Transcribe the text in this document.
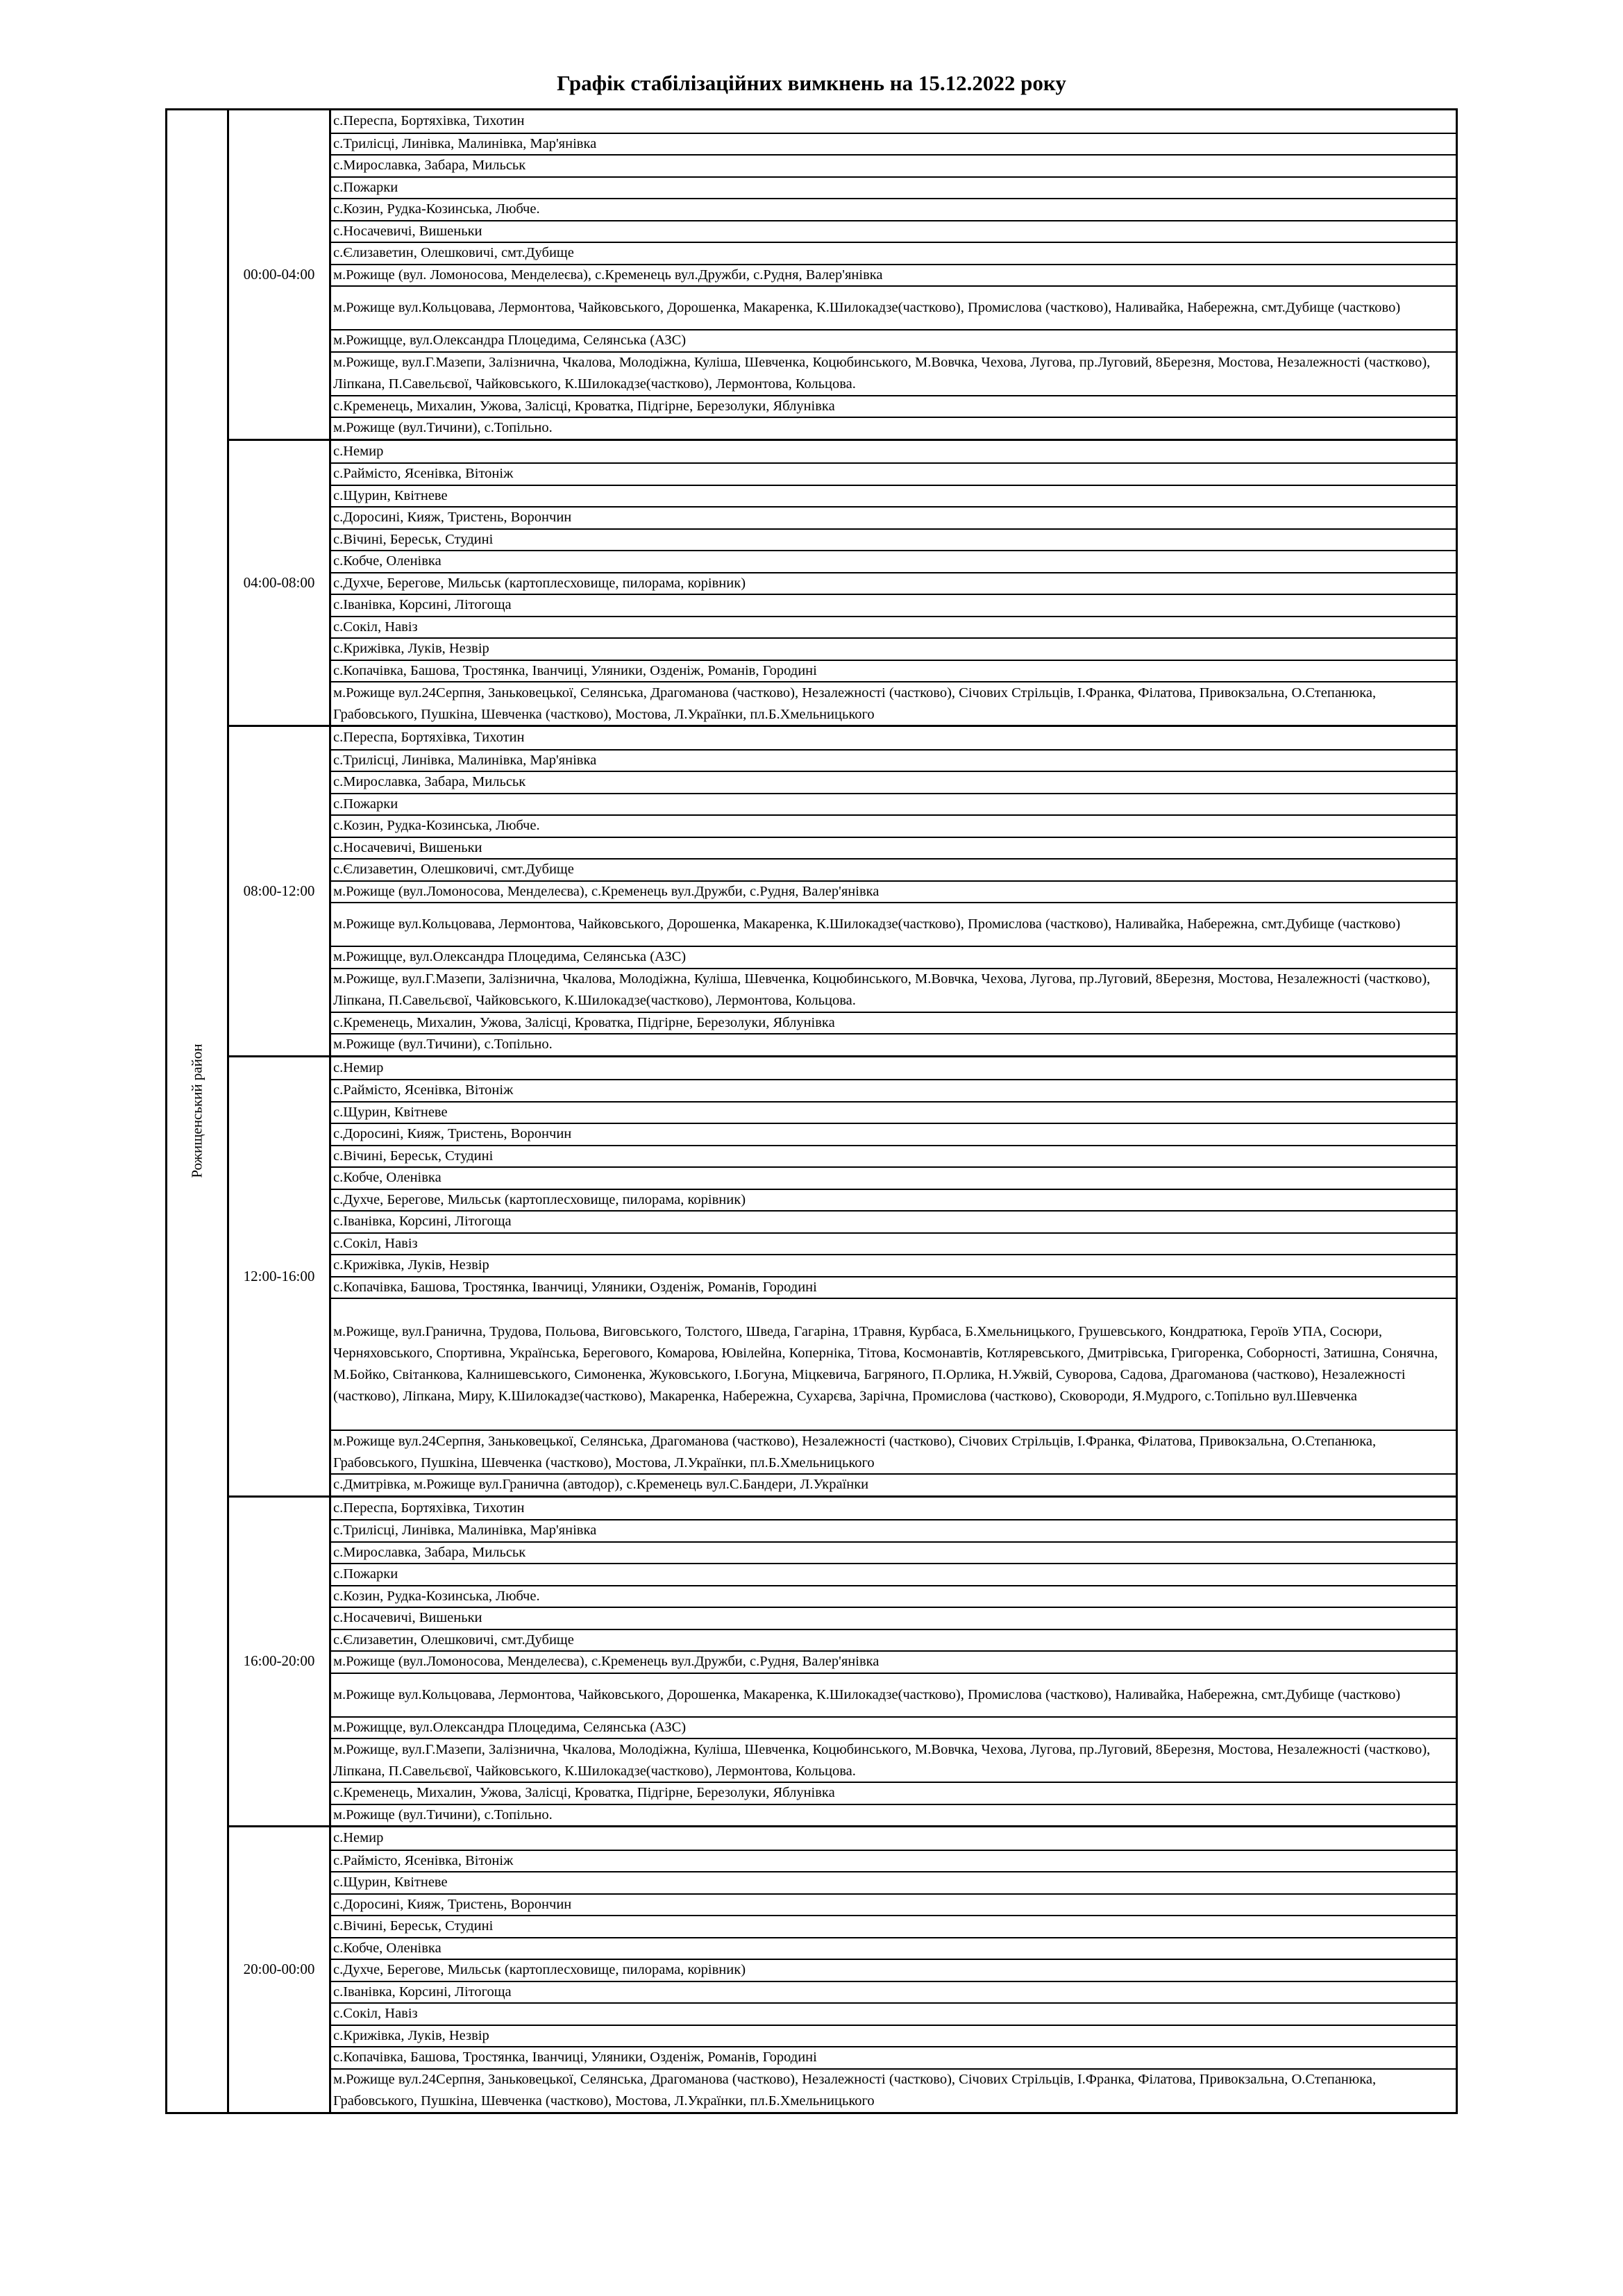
Графік стабілізаційних вимкнень на 15.12.2022 року
Рожищенський район
00:00-04:00
с.Переспа, Бортяхівка, Тихотин
с.Трилісці, Линівка, Малинівка, Мар'янівка
с.Мирославка, Забара, Мильськ
с.Пожарки
с.Козин, Рудка-Козинська, Любче.
с.Носачевичі, Вишеньки
с.Єлизаветин, Олешковичі, смт.Дубище
м.Рожище (вул. Ломоносова, Менделеєва), с.Кременець вул.Дружби, с.Рудня, Валер'янівка
м.Рожище вул.Кольцовава, Лермонтова, Чайковського, Дорошенка, Макаренка, К.Шилокадзе(частково), Промислова (частково), Наливайка, Набережна, смт.Дубище (частково)
м.Рожищце, вул.Олександра Плоцедима, Селянська (АЗС)
м.Рожище, вул.Г.Мазепи, Залізнична, Чкалова, Молодіжна, Куліша, Шевченка, Коцюбинського, М.Вовчка, Чехова, Лугова, пр.Луговий, 8Березня, Мостова, Незалежності (частково), Ліпкана, П.Савельєвої, Чайковського, К.Шилокадзе(частково), Лермонтова, Кольцова.
с.Кременець, Михалин, Ужова, Залісці, Кроватка, Підгірне, Березолуки, Яблунівка
м.Рожище (вул.Тичини), с.Топільно.
04:00-08:00
с.Немир
с.Раймісто, Ясенівка, Вітоніж
с.Щурин, Квітневе
с.Доросині, Кияж, Тристень, Ворончин
с.Вічині, Береськ, Студині
с.Кобче, Оленівка
с.Духче, Берегове, Мильськ (картоплесховище, пилорама, корівник)
с.Іванівка, Корсині, Літогоща
с.Сокіл, Навіз
с.Крижівка, Луків, Незвір
с.Копачівка, Башова, Тростянка, Іванчиці, Уляники, Озденіж, Романів, Городині
м.Рожище вул.24Серпня, Заньковецької, Селянська, Драгоманова (частково), Незалежності (частково), Січових Стрільців, І.Франка, Філатова, Привокзальна, О.Степанюка, Грабовського, Пушкіна, Шевченка (частково), Мостова, Л.Українки, пл.Б.Хмельницького
08:00-12:00
с.Переспа, Бортяхівка, Тихотин
с.Трилісці, Линівка, Малинівка, Мар'янівка
с.Мирославка, Забара, Мильськ
с.Пожарки
с.Козин, Рудка-Козинська, Любче.
с.Носачевичі, Вишеньки
с.Єлизаветин, Олешковичі, смт.Дубище
м.Рожище (вул.Ломоносова, Менделеєва), с.Кременець вул.Дружби, с.Рудня, Валер'янівка
м.Рожище вул.Кольцовава, Лермонтова, Чайковського, Дорошенка, Макаренка, К.Шилокадзе(частково), Промислова (частково), Наливайка, Набережна, смт.Дубище (частково)
м.Рожищце, вул.Олександра Плоцедима, Селянська (АЗС)
м.Рожище, вул.Г.Мазепи, Залізнична, Чкалова, Молодіжна, Куліша, Шевченка, Коцюбинського, М.Вовчка, Чехова, Лугова, пр.Луговий, 8Березня, Мостова, Незалежності (частково), Ліпкана, П.Савельєвої, Чайковського, К.Шилокадзе(частково), Лермонтова, Кольцова.
с.Кременець, Михалин, Ужова, Залісці, Кроватка, Підгірне, Березолуки, Яблунівка
м.Рожище (вул.Тичини), с.Топільно.
12:00-16:00
с.Немир
с.Раймісто, Ясенівка, Вітоніж
с.Щурин, Квітневе
с.Доросині, Кияж, Тристень, Ворончин
с.Вічині, Береськ, Студині
с.Кобче, Оленівка
с.Духче, Берегове, Мильськ (картоплесховище, пилорама, корівник)
с.Іванівка, Корсині, Літогоща
с.Сокіл, Навіз
с.Крижівка, Луків, Незвір
с.Копачівка, Башова, Тростянка, Іванчиці, Уляники, Озденіж, Романів, Городині
м.Рожище, вул.Гранична, Трудова, Польова, Виговського, Толстого, Шведа, Гагаріна, 1Травня, Курбаса, Б.Хмельницького, Грушевського, Кондратюка, Героїв УПА, Сосюри, Черняховського, Спортивна, Українська, Берегового, Комарова, Ювілейна, Коперніка, Тітова, Космонавтів, Котляревського, Дмитрівська, Григоренка, Соборності, Затишна, Сонячна, М.Бойко, Світанкова, Калнишевського, Симоненка, Жуковського, І.Богуна, Міцкевича, Багряного, П.Орлика, Н.Ужвій, Суворова, Садова, Драгоманова (частково), Незалежності (частково), Ліпкана, Миру, К.Шилокадзе(частково), Макаренка, Набережна, Сухарєва, Зарічна, Промислова (частково), Сковороди, Я.Мудрого, с.Топільно вул.Шевченка
м.Рожище вул.24Серпня, Заньковецької, Селянська, Драгоманова (частково), Незалежності (частково), Січових Стрільців, І.Франка, Філатова, Привокзальна, О.Степанюка, Грабовського, Пушкіна, Шевченка (частково), Мостова, Л.Українки, пл.Б.Хмельницького
с.Дмитрівка, м.Рожище вул.Гранична (автодор), с.Кременець вул.С.Бандери, Л.Українки
16:00-20:00
с.Переспа, Бортяхівка, Тихотин
с.Трилісці, Линівка, Малинівка, Мар'янівка
с.Мирославка, Забара, Мильськ
с.Пожарки
с.Козин, Рудка-Козинська, Любче.
с.Носачевичі, Вишеньки
с.Єлизаветин, Олешковичі, смт.Дубище
м.Рожище (вул.Ломоносова, Менделеєва), с.Кременець вул.Дружби, с.Рудня, Валер'янівка
м.Рожище вул.Кольцовава, Лермонтова, Чайковського, Дорошенка, Макаренка, К.Шилокадзе(частково), Промислова (частково), Наливайка, Набережна, смт.Дубище (частково)
м.Рожищце, вул.Олександра Плоцедима, Селянська (АЗС)
м.Рожище, вул.Г.Мазепи, Залізнична, Чкалова, Молодіжна, Куліша, Шевченка, Коцюбинського, М.Вовчка, Чехова, Лугова, пр.Луговий, 8Березня, Мостова, Незалежності (частково), Ліпкана, П.Савельєвої, Чайковського, К.Шилокадзе(частково), Лермонтова, Кольцова.
с.Кременець, Михалин, Ужова, Залісці, Кроватка, Підгірне, Березолуки, Яблунівка
м.Рожище (вул.Тичини), с.Топільно.
20:00-00:00
с.Немир
с.Раймісто, Ясенівка, Вітоніж
с.Щурин, Квітневе
с.Доросині, Кияж, Тристень, Ворончин
с.Вічині, Береськ, Студині
с.Кобче, Оленівка
с.Духче, Берегове, Мильськ (картоплесховище, пилорама, корівник)
с.Іванівка, Корсині, Літогоща
с.Сокіл, Навіз
с.Крижівка, Луків, Незвір
с.Копачівка, Башова, Тростянка, Іванчиці, Уляники, Озденіж, Романів, Городині
м.Рожище вул.24Серпня, Заньковецької, Селянська, Драгоманова (частково), Незалежності (частково), Січових Стрільців, І.Франка, Філатова, Привокзальна, О.Степанюка, Грабовського, Пушкіна, Шевченка (частково), Мостова, Л.Українки, пл.Б.Хмельницького
